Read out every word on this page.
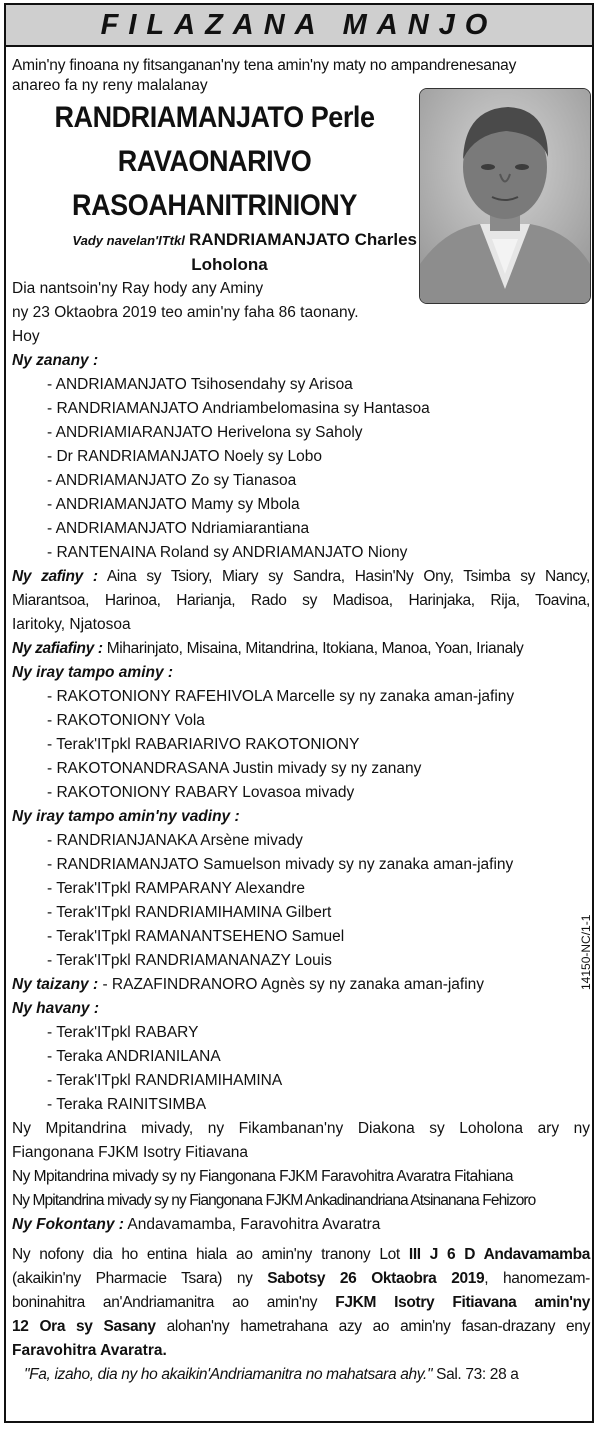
FILAZANA MANJO
Amin'ny finoana ny fitsanganan'ny tena amin'ny maty no ampandrenesanay
anareo fa ny reny malalanay
RANDRIAMANJATO Perle
RAVAONARIVO
RASOAHANITRINIONY
Vady navelan'ITtkl RANDRIAMANJATO Charles
Loholona
Dia nantsoin'ny Ray hody any Aminy
ny 23 Oktaobra 2019 teo amin'ny faha 86 taonany.
Hoy
Ny zanany :
- ANDRIAMANJATO Tsihosendahy sy Arisoa
- RANDRIAMANJATO Andriambelomasina sy Hantasoa
- ANDRIAMIARANJATO Herivelona sy Saholy
- Dr RANDRIAMANJATO Noely sy Lobo
- ANDRIAMANJATO Zo sy Tianasoa
- ANDRIAMANJATO Mamy sy Mbola
- ANDRIAMANJATO Ndriamiarantiana
- RANTENAINA Roland sy ANDRIAMANJATO Niony
Ny zafiny : Aina sy Tsiory, Miary sy Sandra, Hasin'Ny Ony, Tsimba sy Nancy,
Miarantsoa, Harinoa, Harianja, Rado sy Madisoa, Harinjaka, Rija, Toavina,
Iaritoky, Njatosoa
Ny zafiafiny : Miharinjato, Misaina, Mitandrina, Itokiana, Manoa, Yoan, Irianaly
Ny iray tampo aminy :
- RAKOTONIONY RAFEHIVOLA Marcelle sy ny zanaka aman-jafiny
- RAKOTONIONY Vola
- Terak'ITpkl RABARIARIVO RAKOTONIONY
- RAKOTONANDRASANA Justin mivady sy ny zanany
- RAKOTONIONY RABARY Lovasoa mivady
Ny iray tampo amin'ny vadiny :
- RANDRIANJANAKA Arsène mivady
- RANDRIAMANJATO Samuelson mivady sy ny zanaka aman-jafiny
- Terak'ITpkl RAMPARANY Alexandre
- Terak'ITpkl RANDRIAMIHAMINA Gilbert
- Terak'ITpkl RAMANANTSEHENO Samuel
- Terak'ITpkl RANDRIAMANANAZY Louis
Ny taizany : - RAZAFINDRANORO Agnès sy ny zanaka aman-jafiny
Ny havany :
- Terak'ITpkl RABARY
- Teraka ANDRIANILANA
- Terak'ITpkl RANDRIAMIHAMINA
- Teraka RAINITSIMBA
Ny Mpitandrina mivady, ny Fikambanan'ny Diakona sy Loholona ary ny
Fiangonana FJKM Isotry Fitiavana
Ny Mpitandrina mivady sy ny Fiangonana FJKM Faravohitra Avaratra Fitahiana
Ny Mpitandrina mivady sy ny Fiangonana FJKM Ankadinandriana Atsinanana Fehizoro
Ny Fokontany : Andavamamba, Faravohitra Avaratra
Ny nofony dia ho entina hiala ao amin'ny tranony Lot III J 6 D Andavamamba
(akaikin'ny Pharmacie Tsara) ny Sabotsy 26 Oktaobra 2019, hanomezam-
boninahitra an'Andriamanitra ao amin'ny FJKM Isotry Fitiavana amin'ny
12 Ora sy Sasany alohan'ny hametrahana azy ao amin'ny fasan-drazany eny
Faravohitra Avaratra.
"Fa, izaho, dia ny ho akaikin'Andriamanitra no mahatsara ahy." Sal. 73: 28 a
14150-NC/1-1
